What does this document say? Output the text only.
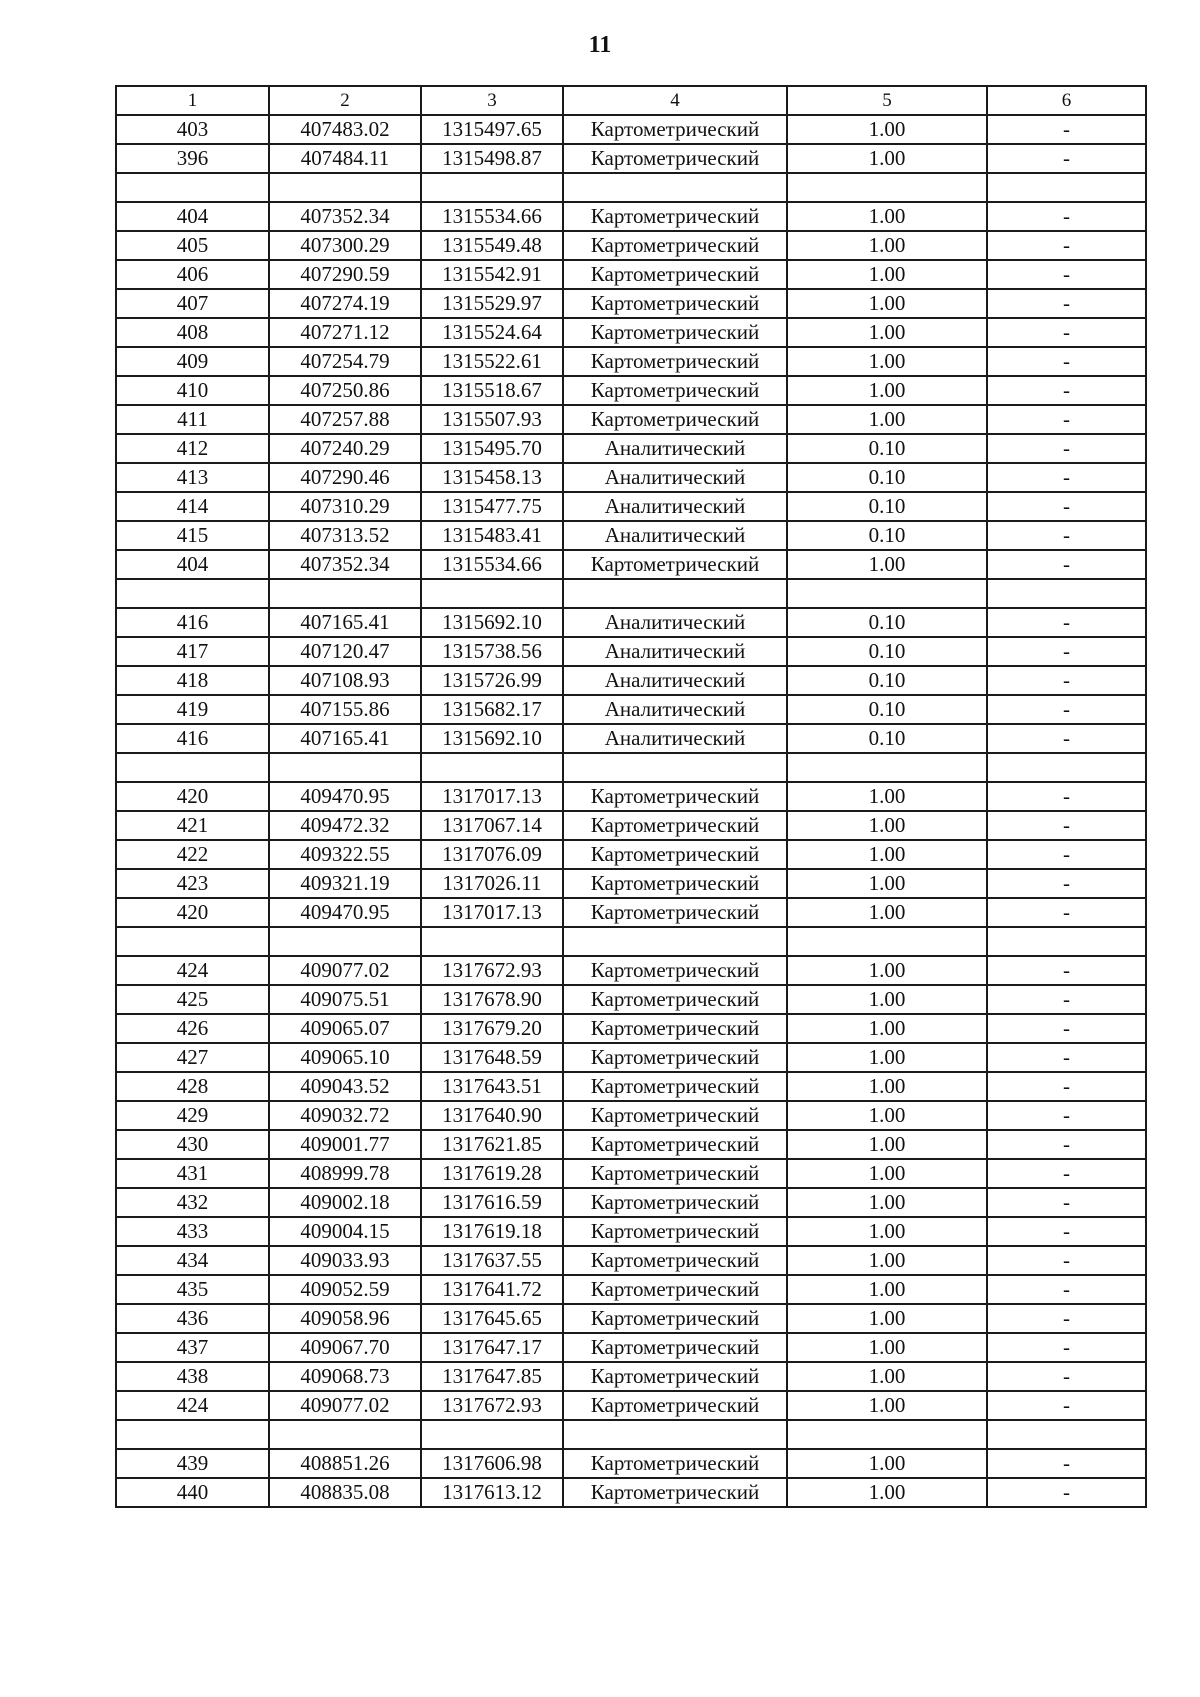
11
1	2	3	4	5	6
403	407483.02	1315497.65	Картометрический	1.00	-
396	407484.11	1315498.87	Картометрический	1.00	-

404	407352.34	1315534.66	Картометрический	1.00	-
405	407300.29	1315549.48	Картометрический	1.00	-
406	407290.59	1315542.91	Картометрический	1.00	-
407	407274.19	1315529.97	Картометрический	1.00	-
408	407271.12	1315524.64	Картометрический	1.00	-
409	407254.79	1315522.61	Картометрический	1.00	-
410	407250.86	1315518.67	Картометрический	1.00	-
411	407257.88	1315507.93	Картометрический	1.00	-
412	407240.29	1315495.70	Аналитический	0.10	-
413	407290.46	1315458.13	Аналитический	0.10	-
414	407310.29	1315477.75	Аналитический	0.10	-
415	407313.52	1315483.41	Аналитический	0.10	-
404	407352.34	1315534.66	Картометрический	1.00	-

416	407165.41	1315692.10	Аналитический	0.10	-
417	407120.47	1315738.56	Аналитический	0.10	-
418	407108.93	1315726.99	Аналитический	0.10	-
419	407155.86	1315682.17	Аналитический	0.10	-
416	407165.41	1315692.10	Аналитический	0.10	-

420	409470.95	1317017.13	Картометрический	1.00	-
421	409472.32	1317067.14	Картометрический	1.00	-
422	409322.55	1317076.09	Картометрический	1.00	-
423	409321.19	1317026.11	Картометрический	1.00	-
420	409470.95	1317017.13	Картометрический	1.00	-

424	409077.02	1317672.93	Картометрический	1.00	-
425	409075.51	1317678.90	Картометрический	1.00	-
426	409065.07	1317679.20	Картометрический	1.00	-
427	409065.10	1317648.59	Картометрический	1.00	-
428	409043.52	1317643.51	Картометрический	1.00	-
429	409032.72	1317640.90	Картометрический	1.00	-
430	409001.77	1317621.85	Картометрический	1.00	-
431	408999.78	1317619.28	Картометрический	1.00	-
432	409002.18	1317616.59	Картометрический	1.00	-
433	409004.15	1317619.18	Картометрический	1.00	-
434	409033.93	1317637.55	Картометрический	1.00	-
435	409052.59	1317641.72	Картометрический	1.00	-
436	409058.96	1317645.65	Картометрический	1.00	-
437	409067.70	1317647.17	Картометрический	1.00	-
438	409068.73	1317647.85	Картометрический	1.00	-
424	409077.02	1317672.93	Картометрический	1.00	-

439	408851.26	1317606.98	Картометрический	1.00	-
440	408835.08	1317613.12	Картометрический	1.00	-
